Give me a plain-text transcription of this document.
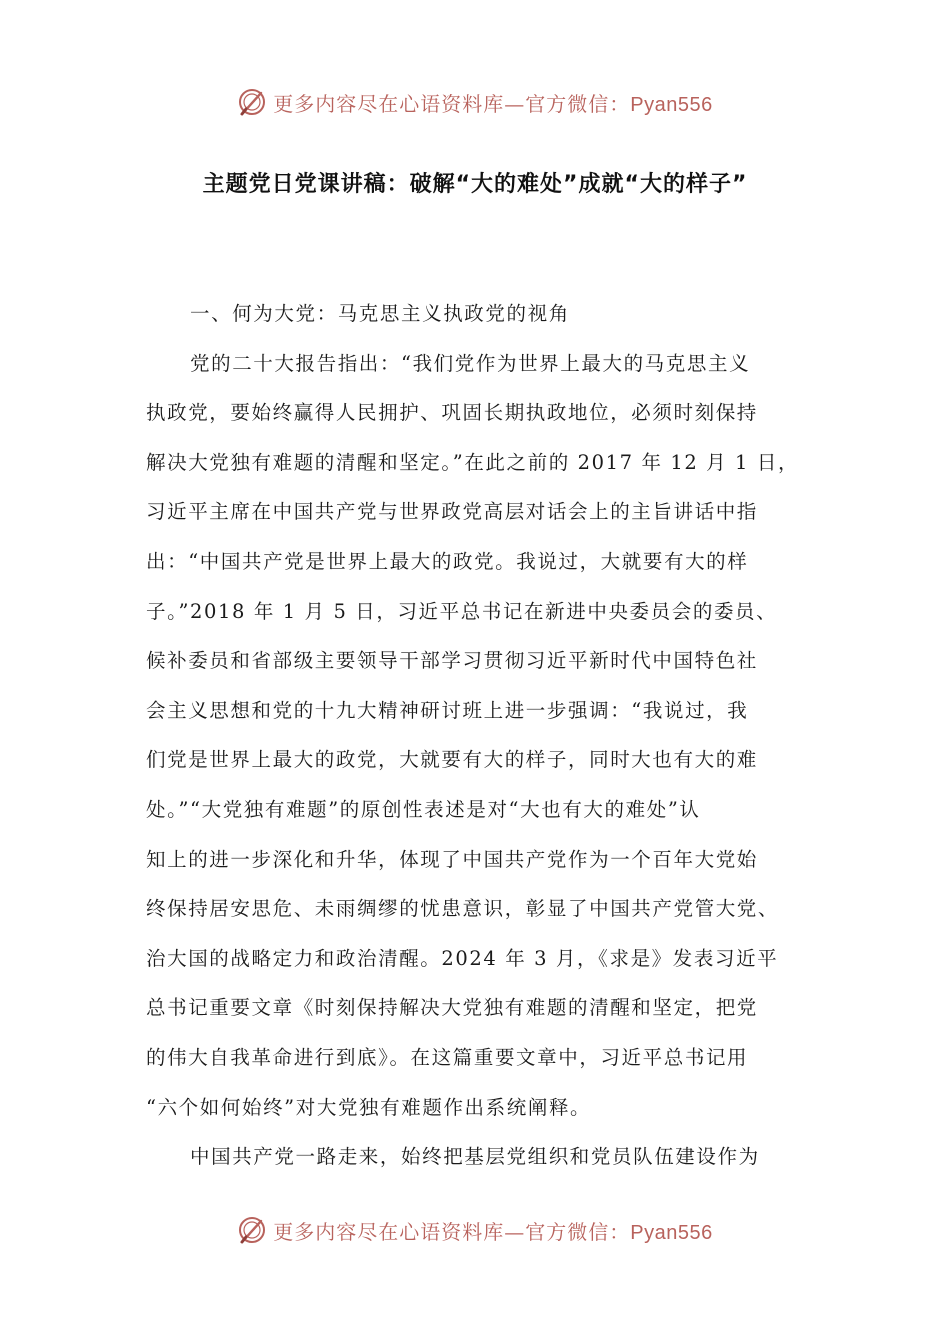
更多内容尽在心语资料库—官方微信：Pyan556
主题党日党课讲稿：破解“大的难处”成就“大的样子”
一、何为大党：马克思主义执政党的视角
党的二十大报告指出：“我们党作为世界上最大的马克思主义
执政党，要始终赢得人民拥护、巩固长期执政地位，必须时刻保持
解决大党独有难题的清醒和坚定。”在此之前的 2017 年 12 月 1 日，
习近平主席在中国共产党与世界政党高层对话会上的主旨讲话中指
出：“中国共产党是世界上最大的政党。我说过，大就要有大的样
子。”2018 年 1 月 5 日，习近平总书记在新进中央委员会的委员、
候补委员和省部级主要领导干部学习贯彻习近平新时代中国特色社
会主义思想和党的十九大精神研讨班上进一步强调：“我说过，我
们党是世界上最大的政党，大就要有大的样子，同时大也有大的难
处。”“大党独有难题”的原创性表述是对“大也有大的难处”认
知上的进一步深化和升华，体现了中国共产党作为一个百年大党始
终保持居安思危、未雨绸缪的忧患意识，彰显了中国共产党管大党、
治大国的战略定力和政治清醒。2024 年 3 月，《求是》发表习近平
总书记重要文章《时刻保持解决大党独有难题的清醒和坚定，把党
的伟大自我革命进行到底》。在这篇重要文章中，习近平总书记用
“六个如何始终”对大党独有难题作出系统阐释。
中国共产党一路走来，始终把基层党组织和党员队伍建设作为
更多内容尽在心语资料库—官方微信：Pyan556
